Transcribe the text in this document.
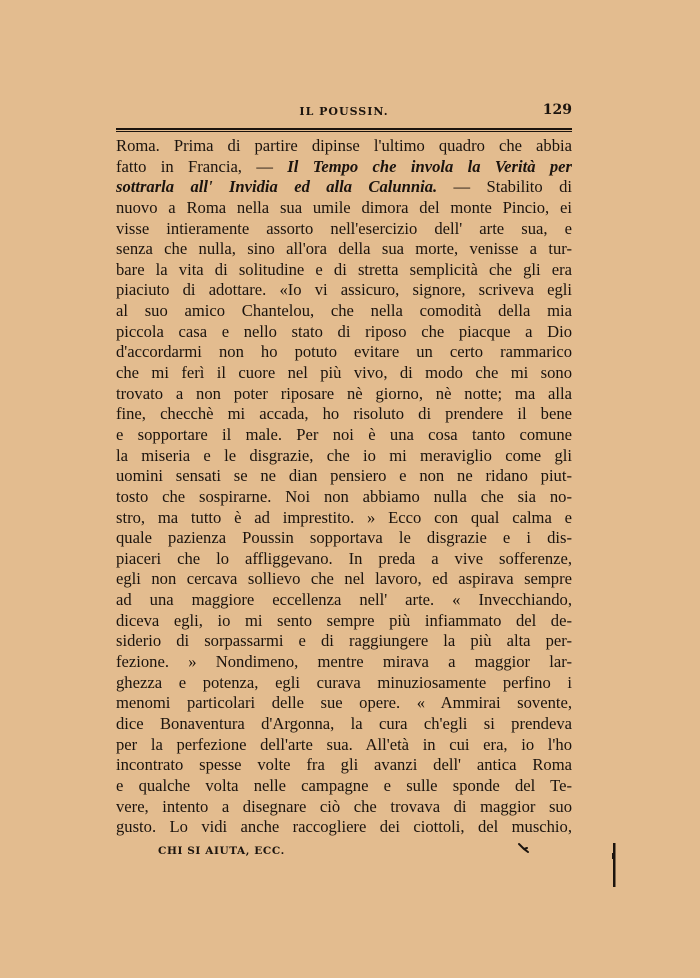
IL POUSSIN.	129
Roma. Prima di partire dipinse l'ultimo quadro che abbia
fatto in Francia, — Il Tempo che invola la Verità per
sottrarla all' Invidia ed alla Calunnia. — Stabilito di
nuovo a Roma nella sua umile dimora del monte Pincio, ei
visse intieramente assorto nell'esercizio dell' arte sua, e
senza che nulla, sino all'ora della sua morte, venisse a tur-
bare la vita di solitudine e di stretta semplicità che gli era
piaciuto di adottare. «Io vi assicuro, signore, scriveva egli
al suo amico Chantelou, che nella comodità della mia
piccola casa e nello stato di riposo che piacque a Dio
d'accordarmi non ho potuto evitare un certo rammarico
che mi ferì il cuore nel più vivo, di modo che mi sono
trovato a non poter riposare nè giorno, nè notte; ma alla
fine, checchè mi accada, ho risoluto di prendere il bene
e sopportare il male. Per noi è una cosa tanto comune
la miseria e le disgrazie, che io mi meraviglio come gli
uomini sensati se ne dian pensiero e non ne ridano piut-
tosto che sospirarne. Noi non abbiamo nulla che sia no-
stro, ma tutto è ad imprestito. » Ecco con qual calma e
quale pazienza Poussin sopportava le disgrazie e i dis-
piaceri che lo affliggevano. In preda a vive sofferenze,
egli non cercava sollievo che nel lavoro, ed aspirava sempre
ad una maggiore eccellenza nell' arte. « Invecchiando,
diceva egli, io mi sento sempre più infiammato del de-
siderio di sorpassarmi e di raggiungere la più alta per-
fezione. » Nondimeno, mentre mirava a maggior lar-
ghezza e potenza, egli curava minuziosamente perfino i
menomi particolari delle sue opere. « Ammirai sovente,
dice Bonaventura d'Argonna, la cura ch'egli si prendeva
per la perfezione dell'arte sua. All'età in cui era, io l'ho
incontrato spesse volte fra gli avanzi dell' antica Roma
e qualche volta nelle campagne e sulle sponde del Te-
vere, intento a disegnare ciò che trovava di maggior suo
gusto. Lo vidi anche raccogliere dei ciottoli, del muschio,
CHI SI AIUTA, ECC.
